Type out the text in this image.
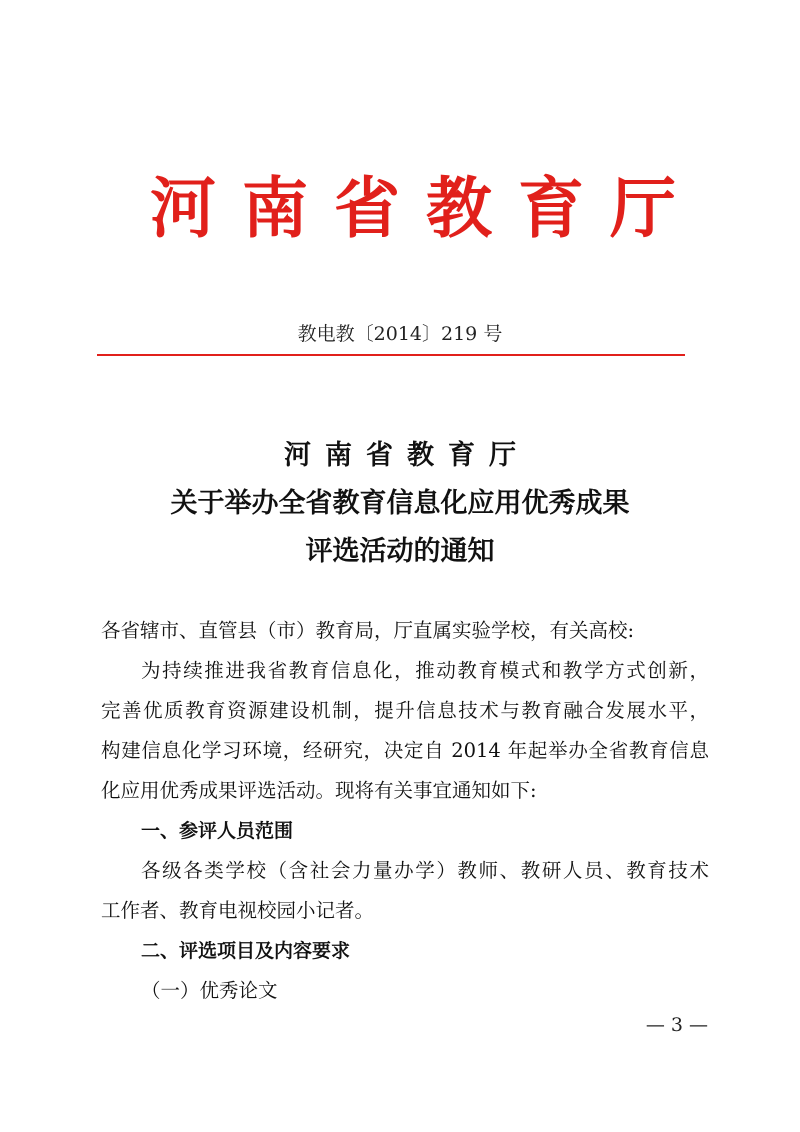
河南省教育厅
教电教〔2014〕219 号
河南省教育厅
关于举办全省教育信息化应用优秀成果
评选活动的通知
各省辖市、直管县（市）教育局，厅直属实验学校，有关高校:
为持续推进我省教育信息化，推动教育模式和教学方式创新，
完善优质教育资源建设机制，提升信息技术与教育融合发展水平，
构建信息化学习环境，经研究，决定自 2014 年起举办全省教育信息
化应用优秀成果评选活动。现将有关事宜通知如下:
一、参评人员范围
各级各类学校（含社会力量办学）教师、教研人员、教育技术
工作者、教育电视校园小记者。
二、评选项目及内容要求
（一）优秀论文
— 3 —
